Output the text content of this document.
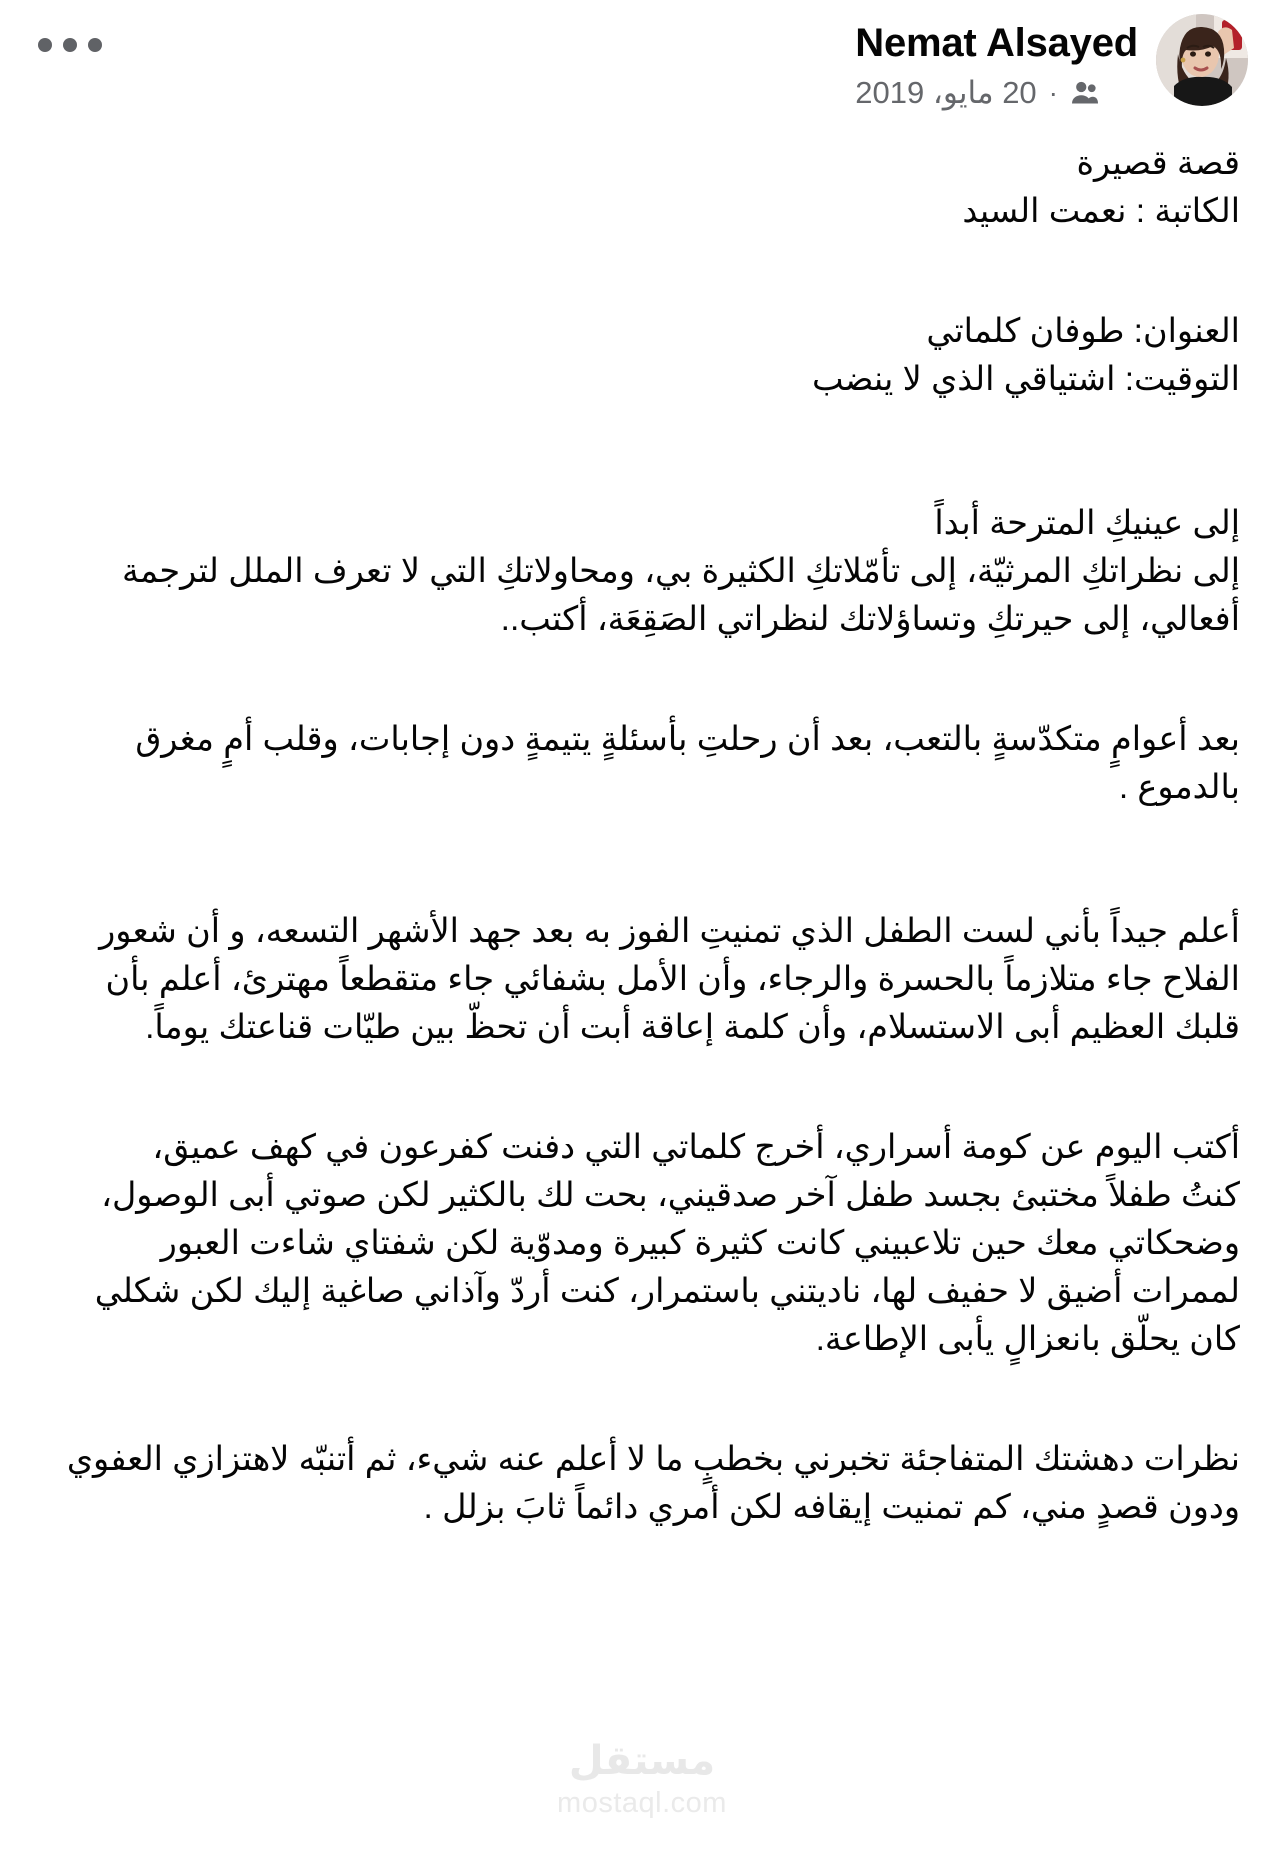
Nemat Alsayed
20 مايو، 2019 ·

قصة قصيرة

الكاتبة : نعمت السيد

العنوان: طوفان كلماتي

التوقيت: اشتياقي الذي لا ينضب

إلى عينيكِ المترحة أبداً

إلى نظراتكِ المرثيّة، إلى تأمّلاتكِ الكثيرة بي، ومحاولاتكِ التي لا تعرف الملل لترجمة أفعالي، إلى حيرتكِ وتساؤلاتك لنظراتي الصَقِعَة، أكتب..

بعد أعوامٍ متكدّسةٍ بالتعب، بعد أن رحلتِ بأسئلةٍ يتيمةٍ دون إجابات، وقلب أمٍ مغرق بالدموع .

أعلم جيداً بأني لست الطفل الذي تمنيتِ الفوز به بعد جهد الأشهر التسعه، و أن شعور الفلاح جاء متلازماً بالحسرة والرجاء، وأن الأمل بشفائي جاء متقطعاً مهترئ، أعلم بأن قلبك العظيم أبى الاستسلام، وأن كلمة إعاقة أبت أن تحظّ بين طيّات قناعتك يوماً.

أكتب اليوم عن كومة أسراري، أخرج كلماتي التي دفنت كفرعون في كهف عميق،

كنتُ طفلاً مختبئ بجسد طفل آخر صدقيني، بحت لك بالكثير لكن صوتي أبى الوصول، وضحكاتي معك حين تلاعبيني كانت كثيرة كبيرة ومدوّية لكن شفتاي شاءت العبور لممرات أضيق لا حفيف لها، ناديتني باستمرار، كنت أردّ وآذاني صاغية إليك لكن شكلي كان يحلّق بانعزالٍ يأبى الإطاعة.

نظرات دهشتك المتفاجئة تخبرني بخطبٍ ما لا أعلم عنه شيء، ثم أتنبّه لاهتزازي العفوي ودون قصدٍ مني، كم تمنيت إيقافه لكن أمري دائماً ثابَ بزلل .

مستقل
mostaql.com
